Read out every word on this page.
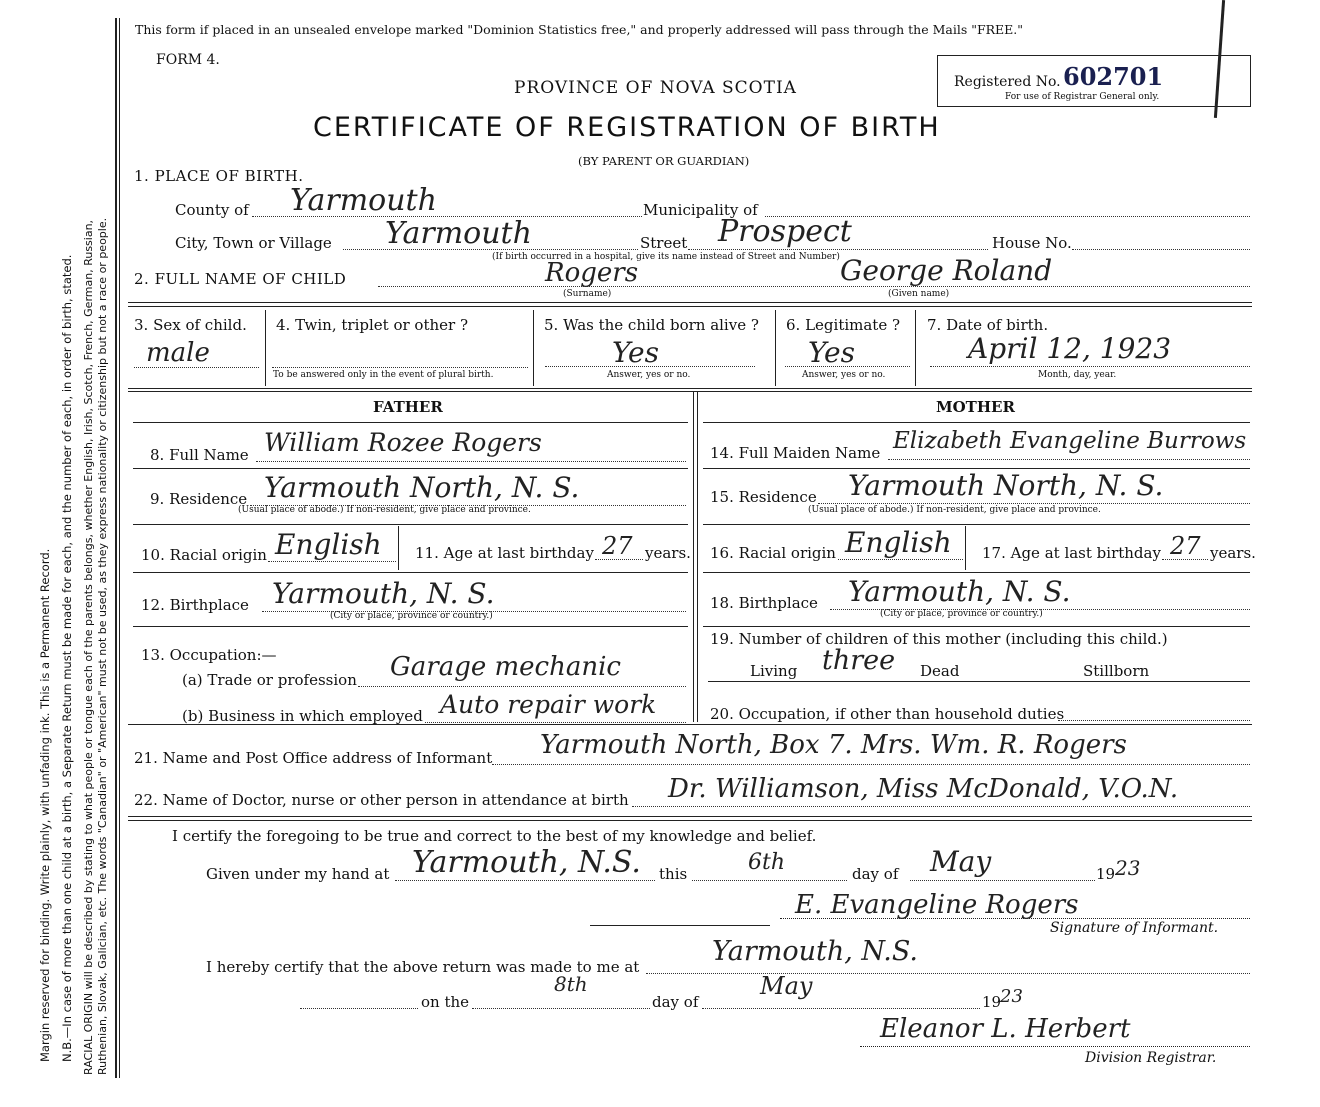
Margin reserved for binding. Write plainly, with unfading ink. This is a Permanent Record. N.B.—In case of more than one child at a birth, a Separate Return must be made for each, and the number of each, in order of birth, stated. RACIAL ORIGIN will be described by stating to what people or tongue each of the parents belongs, whether English, Irish, Scotch, French, German, Russian, Ruthenian, Slovak, Galician, etc. The words "Canadian" or "American" must not be used, as they express nationality or citizenship but not a race or people.
This form if placed in an unsealed envelope marked "Dominion Statistics free," and properly addressed will pass through the Mails "FREE."
FORM 4.
PROVINCE OF NOVA SCOTIA
CERTIFICATE OF REGISTRATION OF BIRTH
(BY PARENT OR GUARDIAN)
Registered No. 602701
For use of Registrar General only.
1. PLACE OF BIRTH.
County of Yarmouth	Municipality of
City, Town or Village Yarmouth	Street Prospect	House No.
(If birth occurred in a hospital, give its name instead of Street and Number)
2. FULL NAME OF CHILD	Rogers
(Surname)
George Roland
(Given name)
3. Sex of child.
male
4. Twin, triplet or other ?
To be answered only in the event of plural birth.
5. Was the child born alive ?
Yes
Answer, yes or no.
6. Legitimate ?
Yes
Answer, yes or no.
7. Date of birth.
April 12, 1923
Month, day, year.
FATHER	MOTHER
8. Full Name William Rozee Rogers
9. Residence Yarmouth North, N. S.
(Usual place of abode.) If non-resident, give place and province.
10. Racial origin English 11. Age at last birthday 27 years.
12. Birthplace Yarmouth, N. S.
(City or place, province or country.)
13. Occupation:—
(a) Trade or profession Garage mechanic
(b) Business in which employed Auto repair work
14. Full Maiden Name Elizabeth Evangeline Burrows
15. Residence Yarmouth North, N. S.
(Usual place of abode.) If non-resident, give place and province.
16. Racial origin English 17. Age at last birthday 27 years.
18. Birthplace Yarmouth, N. S.
(City or place, province or country.)
19. Number of children of this mother (including this child.)
Living three Dead	Stillborn
20. Occupation, if other than household duties
21. Name and Post Office address of Informant Yarmouth North, Box 7. Mrs. Wm. R. Rogers
22. Name of Doctor, nurse or other person in attendance at birth Dr. Williamson, Miss McDonald, V.O.N.
I certify the foregoing to be true and correct to the best of my knowledge and belief.
Given under my hand at Yarmouth, N.S. this	6th	day of May	19 23
E. Evangeline Rogers
Signature of Informant.
I hereby certify that the above return was made to me at	Yarmouth, N.S.
on the
8th
day of
May
19
23
Eleanor L. Herbert
Division Registrar.
